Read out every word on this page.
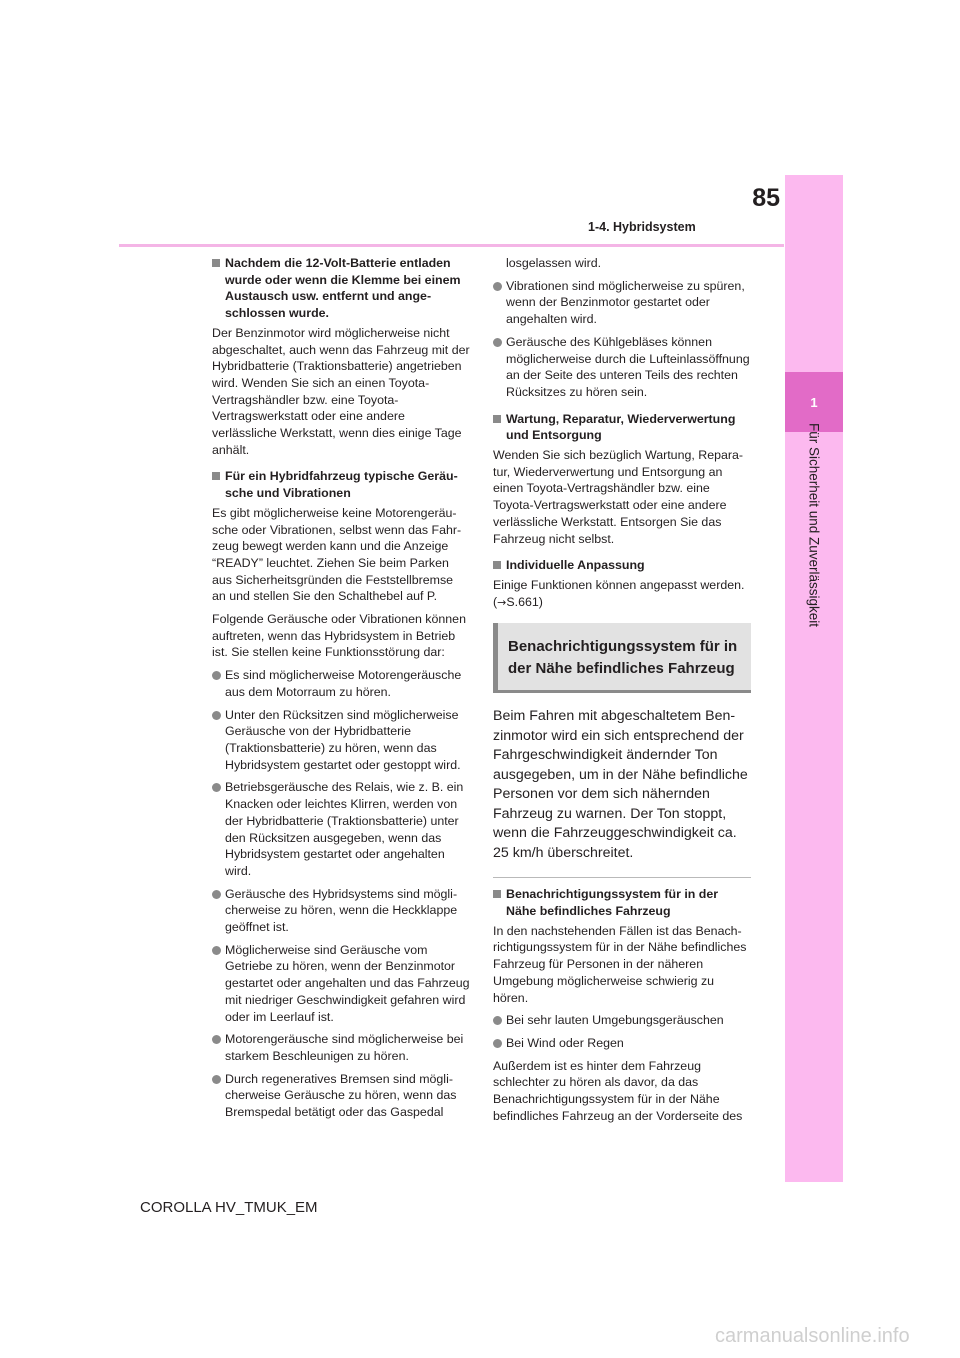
85
1-4. Hybridsystem
1
Für Sicherheit und Zuverlässigkeit
Nachdem die 12-Volt-Batterie entladen wurde oder wenn die Klemme bei einem Austausch usw. entfernt und angeschlossen wurde.

Der Benzinmotor wird möglicherweise nicht abgeschaltet, auch wenn das Fahrzeug mit der Hybridbatterie (Traktionsbatterie) angetrieben wird. Wenden Sie sich an einen Toyota-Vertragshändler bzw. eine Toyota-Vertragswerkstatt oder eine andere verlässliche Werkstatt, wenn dies einige Tage anhält.

Für ein Hybridfahrzeug typische Geräusche und Vibrationen

Es gibt möglicherweise keine Motorengeräusche oder Vibrationen, selbst wenn das Fahrzeug bewegt werden kann und die Anzeige “READY” leuchtet. Ziehen Sie beim Parken aus Sicherheitsgründen die Feststellbremse an und stellen Sie den Schalthebel auf P.

Folgende Geräusche oder Vibrationen können auftreten, wenn das Hybridsystem in Betrieb ist. Sie stellen keine Funktionsstörung dar:

Es sind möglicherweise Motorengeräusche aus dem Motorraum zu hören.
Unter den Rücksitzen sind möglicherweise Geräusche von der Hybridbatterie (Traktionsbatterie) zu hören, wenn das Hybridsystem gestartet oder gestoppt wird.
Betriebsgeräusche des Relais, wie z. B. ein Knacken oder leichtes Klirren, werden von der Hybridbatterie (Traktionsbatterie) unter den Rücksitzen ausgegeben, wenn das Hybridsystem gestartet oder angehalten wird.
Geräusche des Hybridsystems sind möglicherweise zu hören, wenn die Heckklappe geöffnet ist.
Möglicherweise sind Geräusche vom Getriebe zu hören, wenn der Benzinmotor gestartet oder angehalten und das Fahrzeug mit niedriger Geschwindigkeit gefahren wird oder im Leerlauf ist.
Motorengeräusche sind möglicherweise bei starkem Beschleunigen zu hören.
Durch regeneratives Bremsen sind möglicherweise Geräusche zu hören, wenn das Bremspedal betätigt oder das Gaspedal
losgelassen wird.
Vibrationen sind möglicherweise zu spüren, wenn der Benzinmotor gestartet oder angehalten wird.
Geräusche des Kühlgebläses können möglicherweise durch die Lufteinlassöffnung an der Seite des unteren Teils des rechten Rücksitzes zu hören sein.
Wartung, Reparatur, Wiederverwertung und Entsorgung

Wenden Sie sich bezüglich Wartung, Reparatur, Wiederverwertung und Entsorgung an einen Toyota-Vertragshändler bzw. eine Toyota-Vertragswerkstatt oder eine andere verlässliche Werkstatt. Entsorgen Sie das Fahrzeug nicht selbst.

Individuelle Anpassung

Einige Funktionen können angepasst werden. (→S.661)

Benachrichtigungssystem für in der Nähe befindliches Fahrzeug

Beim Fahren mit abgeschaltetem Benzinmotor wird ein sich entsprechend der Fahrgeschwindigkeit ändernder Ton ausgegeben, um in der Nähe befindliche Personen vor dem sich nähernden Fahrzeug zu warnen. Der Ton stoppt, wenn die Fahrzeuggeschwindigkeit ca. 25 km/h überschreitet.

Benachrichtigungssystem für in der Nähe befindliches Fahrzeug

In den nachstehenden Fällen ist das Benachrichtigungssystem für in der Nähe befindliches Fahrzeug für Personen in der näheren Umgebung möglicherweise schwierig zu hören.

Bei sehr lauten Umgebungsgeräuschen
Bei Wind oder Regen

Außerdem ist es hinter dem Fahrzeug schlechter zu hören als davor, da das Benachrichtigungssystem für in der Nähe befindliches Fahrzeug an der Vorderseite des

COROLLA HV_TMUK_EM
carmanualsonline.info
